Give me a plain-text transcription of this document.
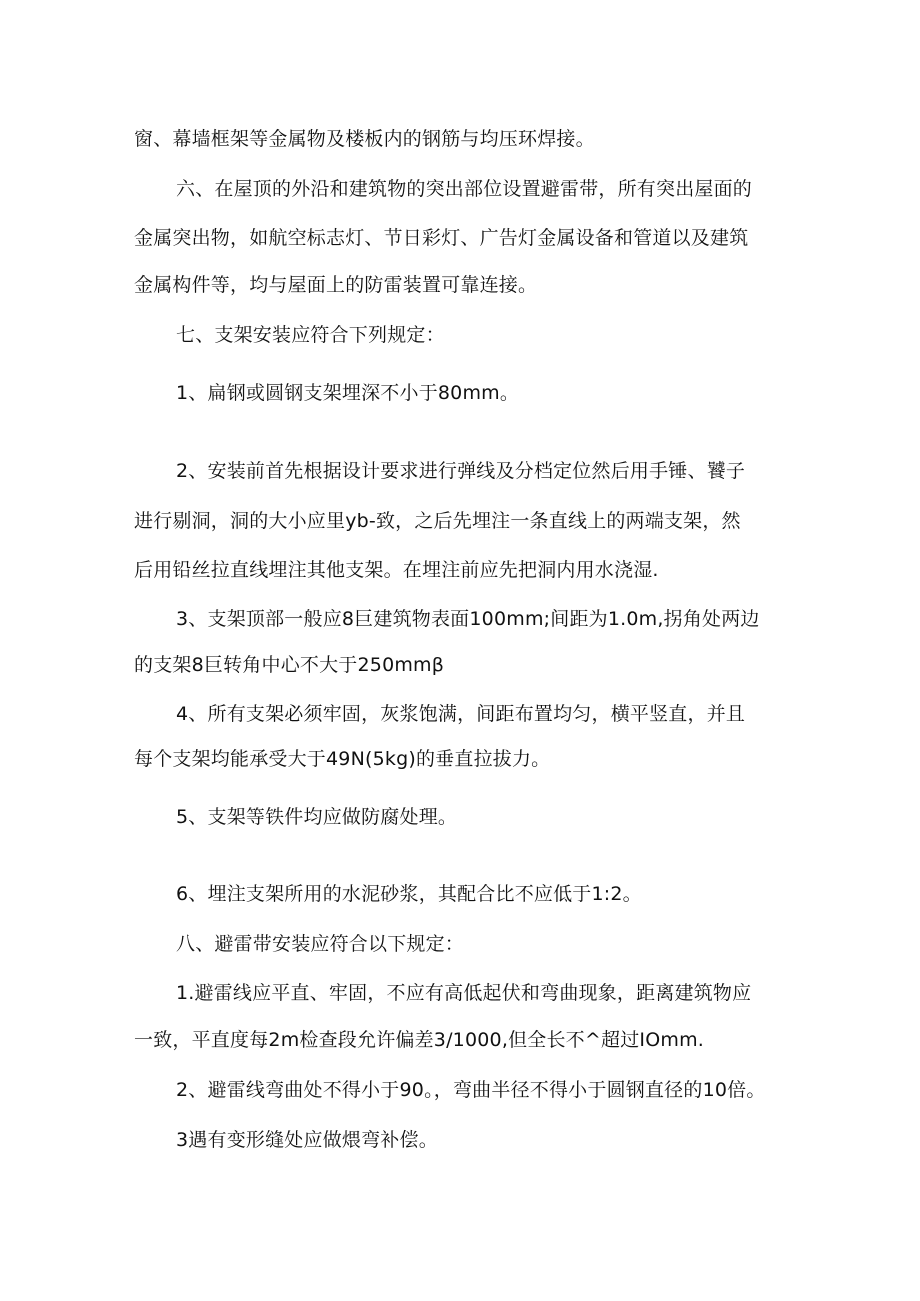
窗、幕墙框架等金属物及楼板内的钢筋与均压环焊接。
六、在屋顶的外沿和建筑物的突出部位设置避雷带，所有突出屋面的
金属突出物，如航空标志灯、节日彩灯、广告灯金属设备和管道以及建筑
金属构件等，均与屋面上的防雷装置可靠连接。
七、支架安装应符合下列规定：
1、扁钢或圆钢支架埋深不小于80mm。
2、安装前首先根据设计要求进行弹线及分档定位然后用手锤、饕子
进行剔洞，洞的大小应里yb-致，之后先埋注一条直线上的两端支架，然
后用铅丝拉直线埋注其他支架。在埋注前应先把洞内用水浇湿.
3、支架顶部一般应8巨建筑物表面100mm;间距为1.0m,拐角处两边
的支架8巨转角中心不大于250mmβ
4、所有支架必须牢固，灰浆饱满，间距布置均匀，横平竖直，并且
每个支架均能承受大于49N(5kg)的垂直拉拔力。
5、支架等铁件均应做防腐处理。
6、埋注支架所用的水泥砂浆，其配合比不应低于1:2。
八、避雷带安装应符合以下规定：
1.避雷线应平直、牢固，不应有高低起伏和弯曲现象，距离建筑物应
一致，平直度每2m检查段允许偏差3/1000,但全长不^超过IOmm.
2、避雷线弯曲处不得小于90。，弯曲半径不得小于圆钢直径的10倍。
3遇有变形缝处应做煨弯补偿。
